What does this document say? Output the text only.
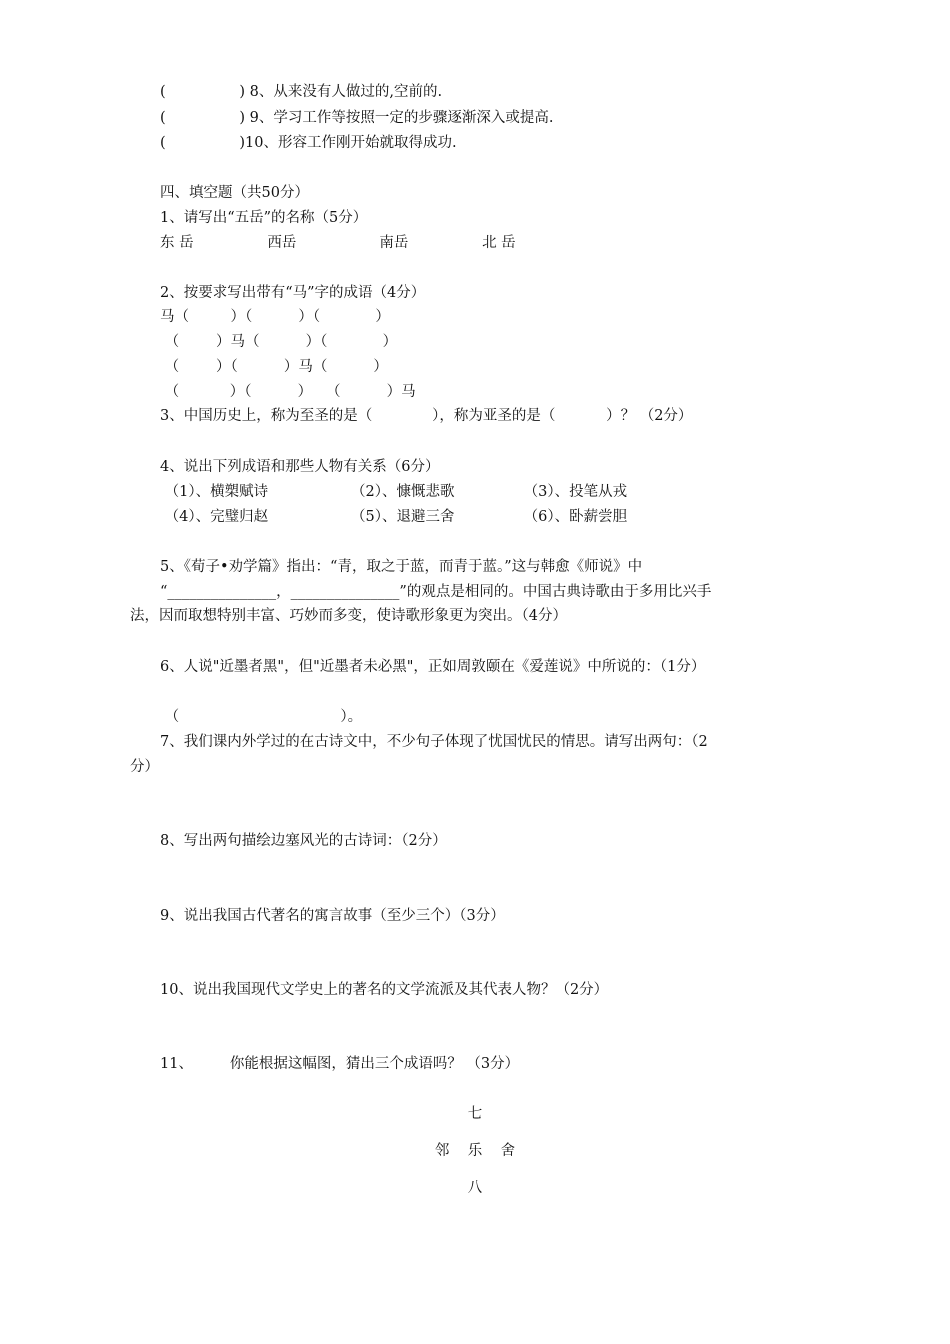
(                ) 8、从来没有人做过的,空前的.
(                ) 9、学习工作等按照一定的步骤逐渐深入或提高.
(                )10、形容工作刚开始就取得成功.
四、填空题（共50分）
1、请写出“五岳”的名称（5分）
东 岳                西岳                  南岳                北 岳
2、按要求写出带有“马”字的成语（4分）
马（         ）（          ）（            ）
（        ）马（          ）（            ）
（        ）（          ）马（          ）
（           ）（          ）   （          ）马
3、中国历史上，称为至圣的是（             ），称为亚圣的是（           ）？ （2分）
4、说出下列成语和那些人物有关系（6分）
（1）、横槊赋诗                  （2）、慷慨悲歌               （3）、投笔从戎
（4）、完璧归赵                  （5）、退避三舍               （6）、卧薪尝胆
5、《荀子•劝学篇》指出：“青，取之于蓝，而青于蓝。”这与韩愈《师说》中
“_______________，_______________”的观点是相同的。中国古典诗歌由于多用比兴手
法，因而取想特别丰富、巧妙而多变，使诗歌形象更为突出。（4分）
6、人说"近墨者黑"，但"近墨者未必黑"，正如周敦颐在《爱莲说》中所说的：（1分）
（                                   ）。
7、我们课内外学过的在古诗文中，不少句子体现了忧国忧民的情思。请写出两句：（2
分）
8、写出两句描绘边塞风光的古诗词：（2分）
9、说出我国古代著名的寓言故事（至少三个）（3分）
10、说出我国现代文学史上的著名的文学流派及其代表人物？（2分）
11、        你能根据这幅图，猜出三个成语吗？ （3分）
七
邻    乐    舍
八
